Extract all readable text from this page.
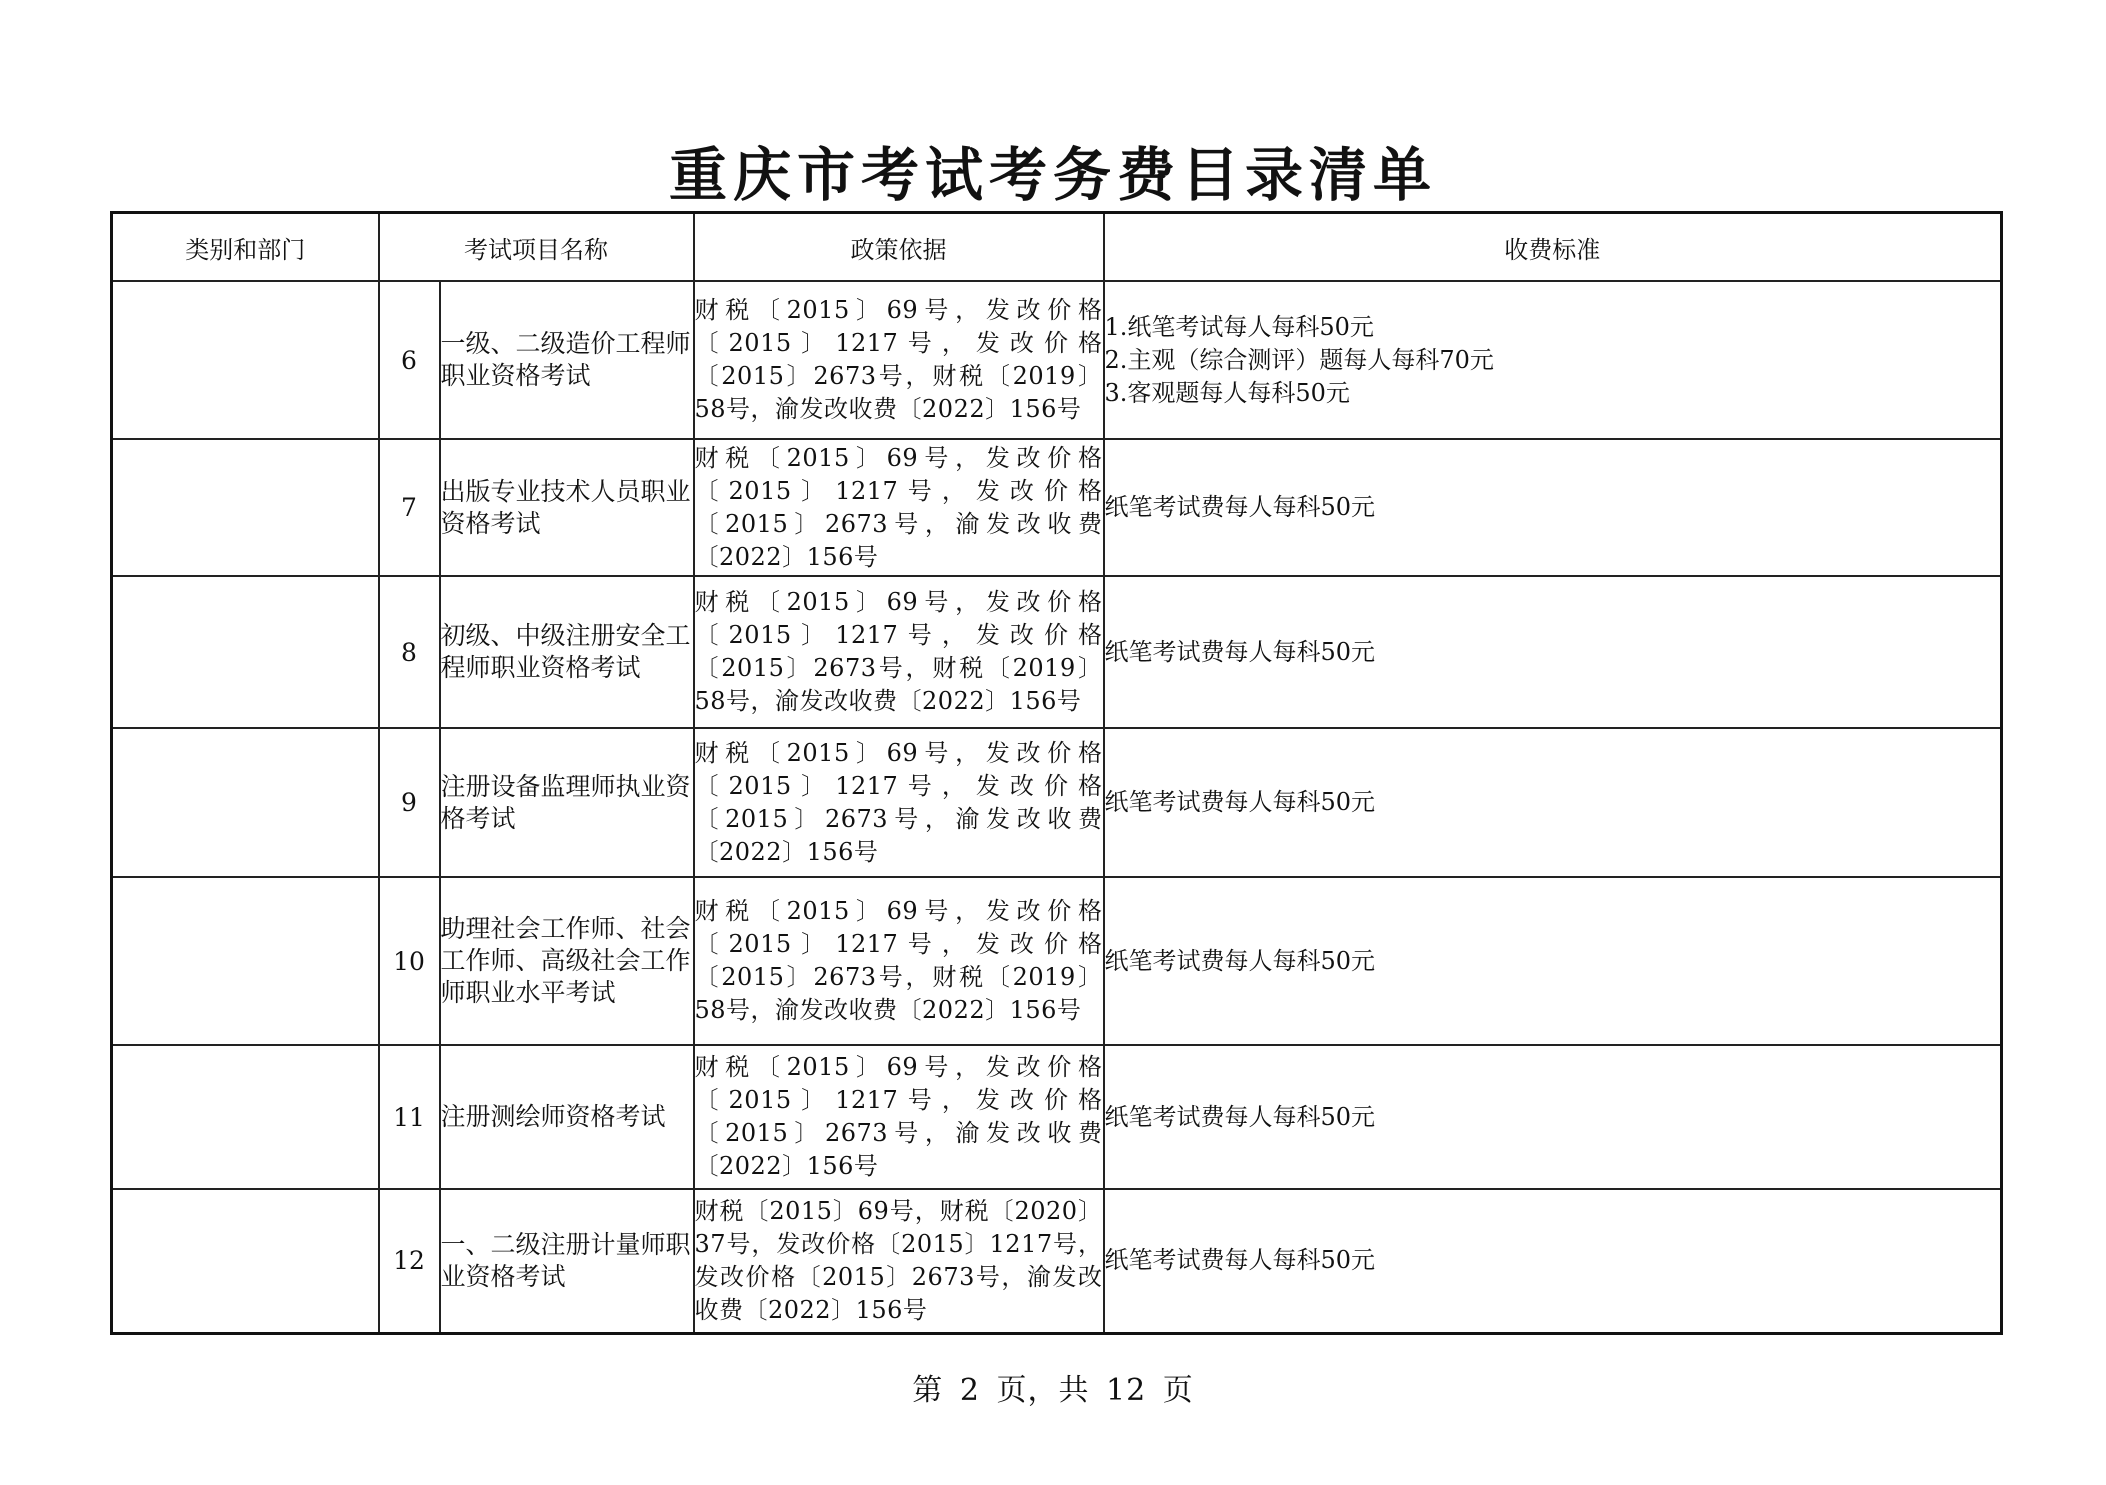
重庆市考试考务费目录清单
类别和部门	考试项目名称		政策依据	收费标准
	6	一级、二级造价工程师职业资格考试	财税〔2015〕69号，发改价格〔2015〕1217号，发改价格〔2015〕2673号，财税〔2019〕58号，渝发改收费〔2022〕156号	1.纸笔考试每人每科50元
2.主观（综合测评）题每人每科70元
3.客观题每人每科50元

	7	出版专业技术人员职业资格考试	财税〔2015〕69号，发改价格〔2015〕1217号，发改价格〔2015〕2673号，渝发改收费〔2022〕156号	纸笔考试费每人每科50元

	8	初级、中级注册安全工程师职业资格考试	财税〔2015〕69号，发改价格〔2015〕1217号，发改价格〔2015〕2673号，财税〔2019〕58号，渝发改收费〔2022〕156号	纸笔考试费每人每科50元

	9	注册设备监理师执业资格考试	财税〔2015〕69号，发改价格〔2015〕1217号，发改价格〔2015〕2673号，渝发改收费〔2022〕156号	纸笔考试费每人每科50元

	10	助理社会工作师、社会工作师、高级社会工作师职业水平考试	财税〔2015〕69号，发改价格〔2015〕1217号，发改价格〔2015〕2673号，财税〔2019〕58号，渝发改收费〔2022〕156号	纸笔考试费每人每科50元

	11	注册测绘师资格考试	财税〔2015〕69号，发改价格〔2015〕1217号，发改价格〔2015〕2673号，渝发改收费〔2022〕156号	纸笔考试费每人每科50元

	12	一、二级注册计量师职业资格考试	财税〔2015〕69号，财税〔2020〕37号，发改价格〔2015〕1217号，发改价格〔2015〕2673号，渝发改收费〔2022〕156号	纸笔考试费每人每科50元
第 2 页，共 12 页
